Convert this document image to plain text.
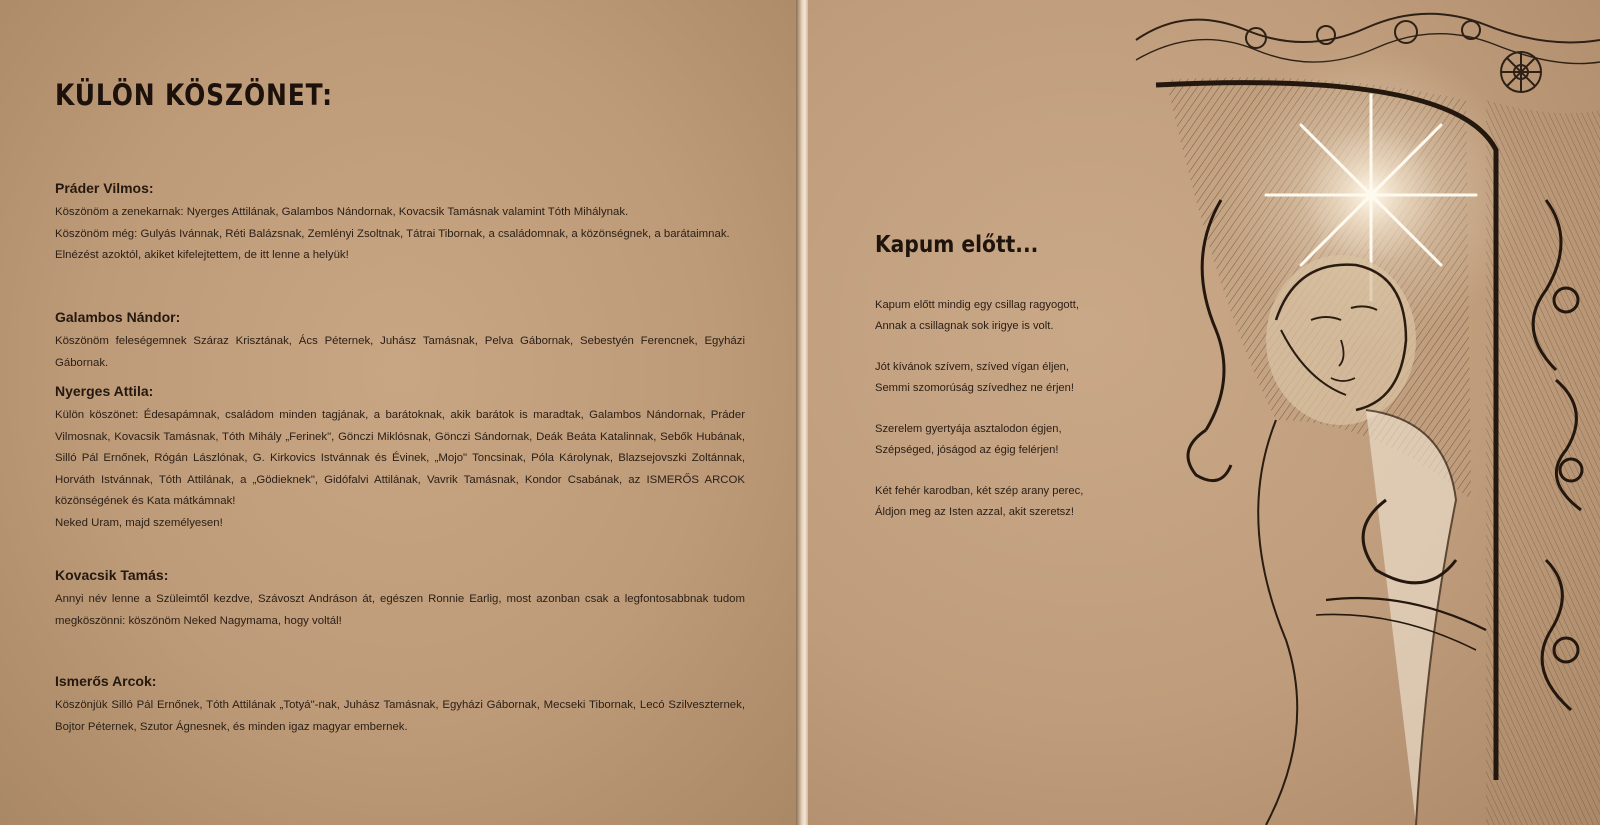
KÜLÖN KÖSZÖNET:
Práder Vilmos:

Köszönöm a zenekarnak: Nyerges Attilának, Galambos Nándornak, Kovacsik Tamásnak valamint Tóth Mihálynak.

Köszönöm még: Gulyás Ivánnak, Réti Balázsnak, Zemlényi Zsoltnak, Tátrai Tibornak, a családomnak, a közönségnek, a barátaimnak.

Elnézést azoktól, akiket kifelejtettem, de itt lenne a helyük!

Galambos Nándor:

Köszönöm feleségemnek Száraz Krisztának, Ács Péternek, Juhász Tamásnak, Pelva Gábornak, Sebestyén Ferencnek, Egyházi Gábornak.

Nyerges Attila:

Külön köszönet: Édesapámnak, családom minden tagjának, a barátoknak, akik barátok is maradtak, Galambos Nándornak, Práder Vilmosnak, Kovacsik Tamásnak, Tóth Mihály „Ferinek", Gönczi Miklósnak, Gönczi Sándornak, Deák Beáta Katalinnak, Sebők Hubának, Silló Pál Ernőnek, Rógán Lászlónak, G. Kirkovics Istvánnak és Évinek, „Mojo" Toncsinak, Póla Károlynak, Blazsejovszki Zoltánnak, Horváth Istvánnak, Tóth Attilának, a „Gödieknek", Gidófalvi Attilának, Vavrik Tamásnak, Kondor Csabának, az ISMERŐS ARCOK közönségének és Kata mátkámnak!

Neked Uram, majd személyesen!

Kovacsik Tamás:

Annyi név lenne a Szüleimtől kezdve, Szávoszt Andráson át, egészen Ronnie Earlig, most azonban csak a legfontosabbnak tudom megköszönni: köszönöm Neked Nagymama, hogy voltál!

Ismerős Arcok:

Köszönjük Silló Pál Ernőnek, Tóth Attilának „Totyá"-nak, Juhász Tamásnak, Egyházi Gábornak, Mecseki Tibornak, Lecó Szilveszternek, Bojtor Péternek, Szutor Ágnesnek, és minden igaz magyar embernek.

Kapum előtt...
Kapum előtt mindig egy csillag ragyogott,
Annak a csillagnak sok irigye is volt.
Jót kívánok szívem, szíved vígan éljen,
Semmi szomorúság szívedhez ne érjen!
Szerelem gyertyája asztalodon égjen,
Szépséged, jóságod az égig felérjen!
Két fehér karodban, két szép arany perec,
Áldjon meg az Isten azzal, akit szeretsz!
